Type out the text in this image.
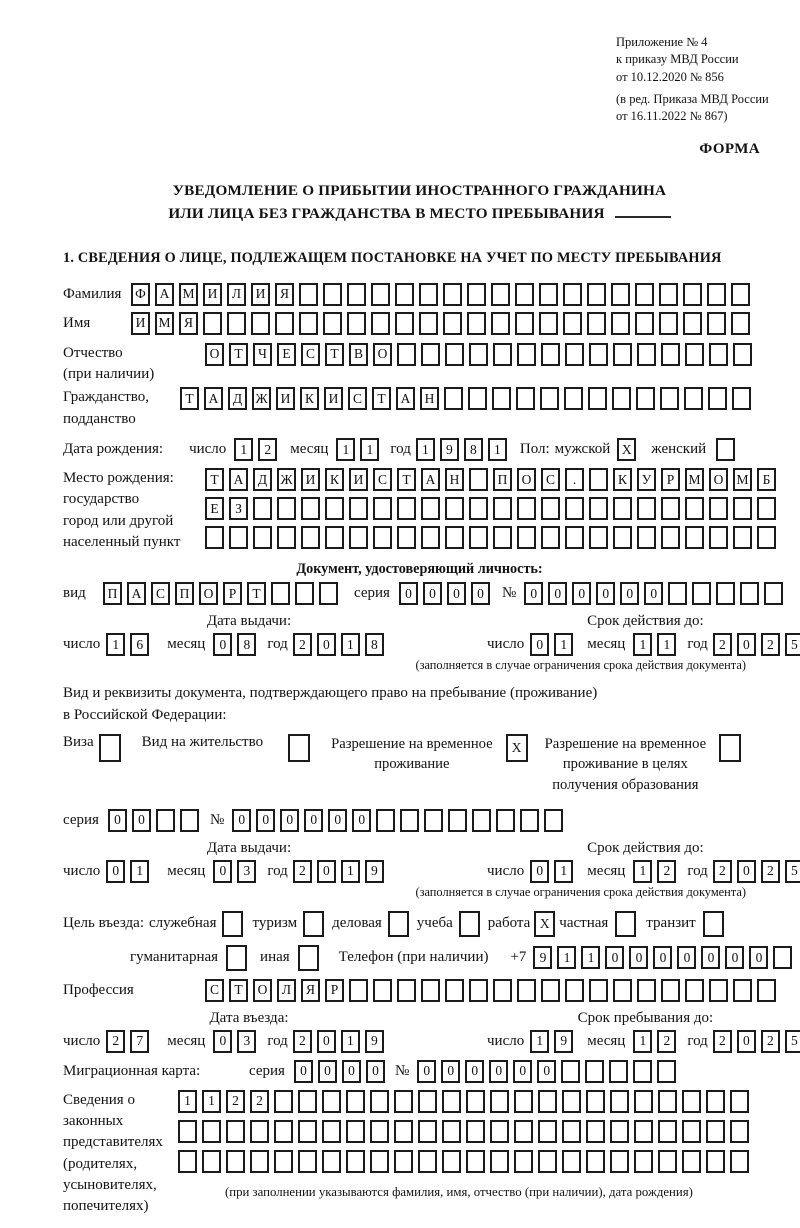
Приложение № 4
к приказу МВД России
от 10.12.2020 № 856
(в ред. Приказа МВД России
от 16.11.2022 № 867)
ФОРМА
УВЕДОМЛЕНИЕ О ПРИБЫТИИ ИНОСТРАННОГО ГРАЖДАНИНА
ИЛИ ЛИЦА БЕЗ ГРАЖДАНСТВА В МЕСТО ПРЕБЫВАНИЯ
1. СВЕДЕНИЯ О ЛИЦЕ, ПОДЛЕЖАЩЕМ ПОСТАНОВКЕ НА УЧЕТ ПО МЕСТУ ПРЕБЫВАНИЯ
Фамилия	Ф	А М И	Л	И	Я
Имя	И М Я
Отчество
(при наличии)
О	Т	Ч	Е	С	Т	В	О
Гражданство,
подданство
Т	А	Д Ж И	К	И	С	Т	А	Н
Дата рождения: число	1	2	месяц	1	1	год 1	9	8	1	Пол: мужской X	женский
Место рождения:
государство
город или другой
населенный пункт
Т	А	Д Ж И	К	И	С	Т	А	Н	П	О	С	.	К	У	Р	М О М	Б
Е	З
Документ, удостоверяющий личность:
вид	П	А	С	П	О	Р	Т	серия	0	0	0	0	№	0	0	0	0	0	0
Дата выдачи:
число 1	6	месяц	0	8	год 2	0	1	8
Срок действия до:
число 0	1	месяц	1	1	год 2	0	2	5
(заполняется в случае ограничения срока действия документа)
Вид и реквизиты документа, подтверждающего право на пребывание (проживание)
в Российской Федерации:
Виза	Вид на жительство	Разрешение на временное
проживание
X	Разрешение на временное
проживание в целях
получения образования
серия	0	0	№	0	0	0	0	0	0
Дата выдачи:
число 0	1	месяц	0	3	год 2	0	1	9
Срок действия до:
число 0	1	месяц	1	2	год 2	0	2	5
(заполняется в случае ограничения срока действия документа)
Цель въезда: служебная туризм деловая учеба работа X частная	транзит
гуманитарная	иная	Телефон (при наличии) +7 9	1	1	0	0	0	0	0	0	0
Профессия	С	Т	О	Л	Я	Р
Дата въезда:
число 2	7	месяц	0	3	год 2	0	1	9
Срок пребывания до:
число 1	9	месяц	1	2	год 2	0	2	5
Миграционная карта:	серия	0	0	0	0	№	0	0	0	0	0	0
Сведения о
законных
представителях
(родителях,
усыновителях,
попечителях)
1	1	2	2
(при заполнении указываются фамилия, имя, отчество (при наличии), дата рождения)
